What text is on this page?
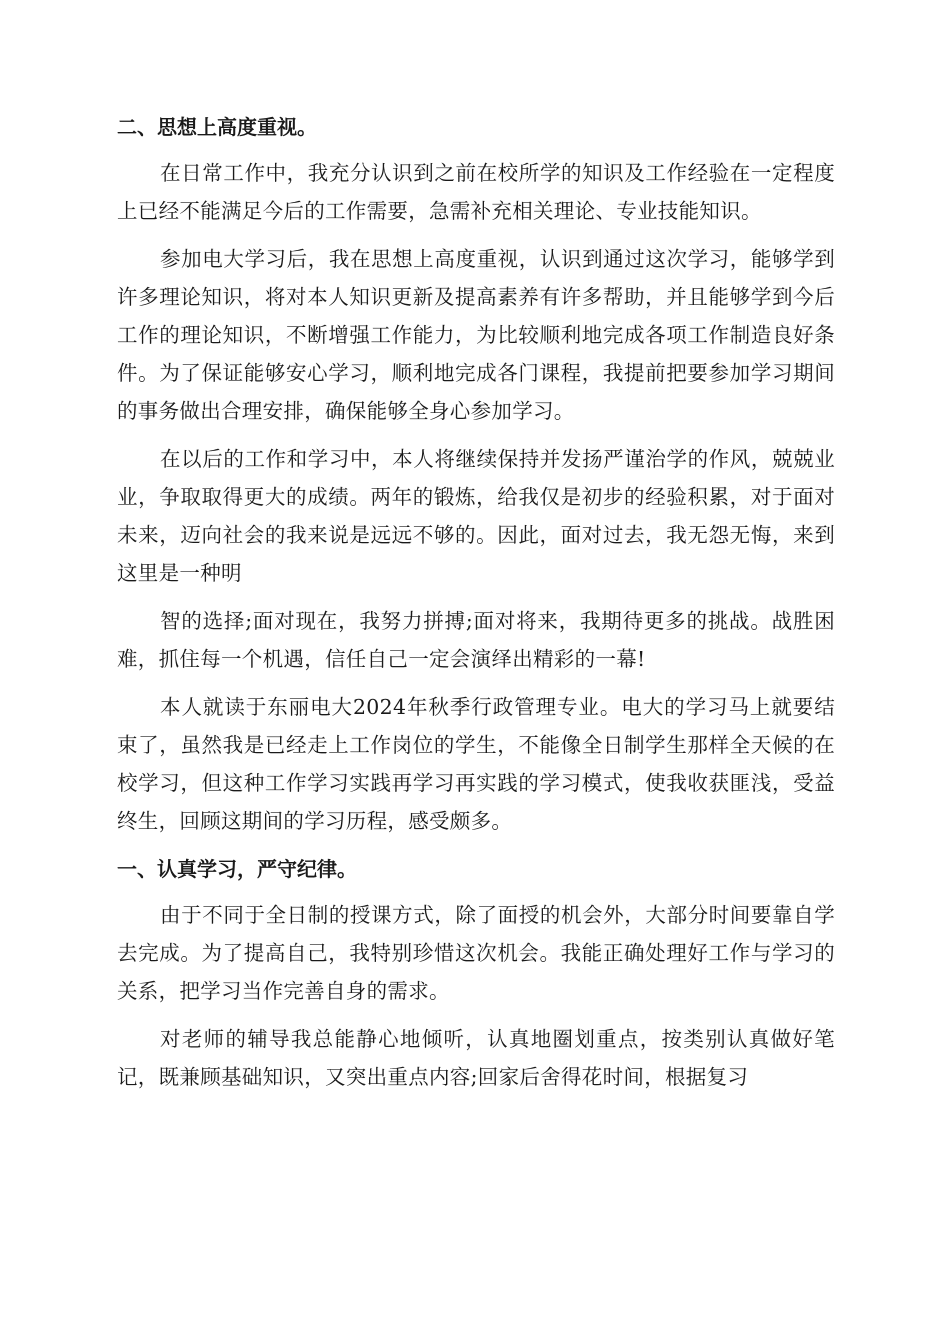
二、思想上高度重视。

在日常工作中，我充分认识到之前在校所学的知识及工作经验在一定程度上已经不能满足今后的工作需要，急需补充相关理论、专业技能知识。

参加电大学习后，我在思想上高度重视，认识到通过这次学习，能够学到许多理论知识，将对本人知识更新及提高素养有许多帮助，并且能够学到今后工作的理论知识，不断增强工作能力，为比较顺利地完成各项工作制造良好条件。为了保证能够安心学习，顺利地完成各门课程，我提前把要参加学习期间的事务做出合理安排，确保能够全身心参加学习。

在以后的工作和学习中，本人将继续保持并发扬严谨治学的作风，兢兢业业，争取取得更大的成绩。两年的锻炼，给我仅是初步的经验积累，对于面对未来，迈向社会的我来说是远远不够的。因此，面对过去，我无怨无悔，来到这里是一种明

智的选择;面对现在，我努力拼搏;面对将来，我期待更多的挑战。战胜困难，抓住每一个机遇，信任自己一定会演绎出精彩的一幕!

本人就读于东丽电大2024年秋季行政管理专业。电大的学习马上就要结束了，虽然我是已经走上工作岗位的学生，不能像全日制学生那样全天候的在校学习，但这种工作学习实践再学习再实践的学习模式，使我收获匪浅，受益终生，回顾这期间的学习历程，感受颇多。

一、认真学习，严守纪律。

由于不同于全日制的授课方式，除了面授的机会外，大部分时间要靠自学去完成。为了提高自己，我特别珍惜这次机会。我能正确处理好工作与学习的关系，把学习当作完善自身的需求。

对老师的辅导我总能静心地倾听，认真地圈划重点，按类别认真做好笔记，既兼顾基础知识，又突出重点内容;回家后舍得花时间，根据复习
